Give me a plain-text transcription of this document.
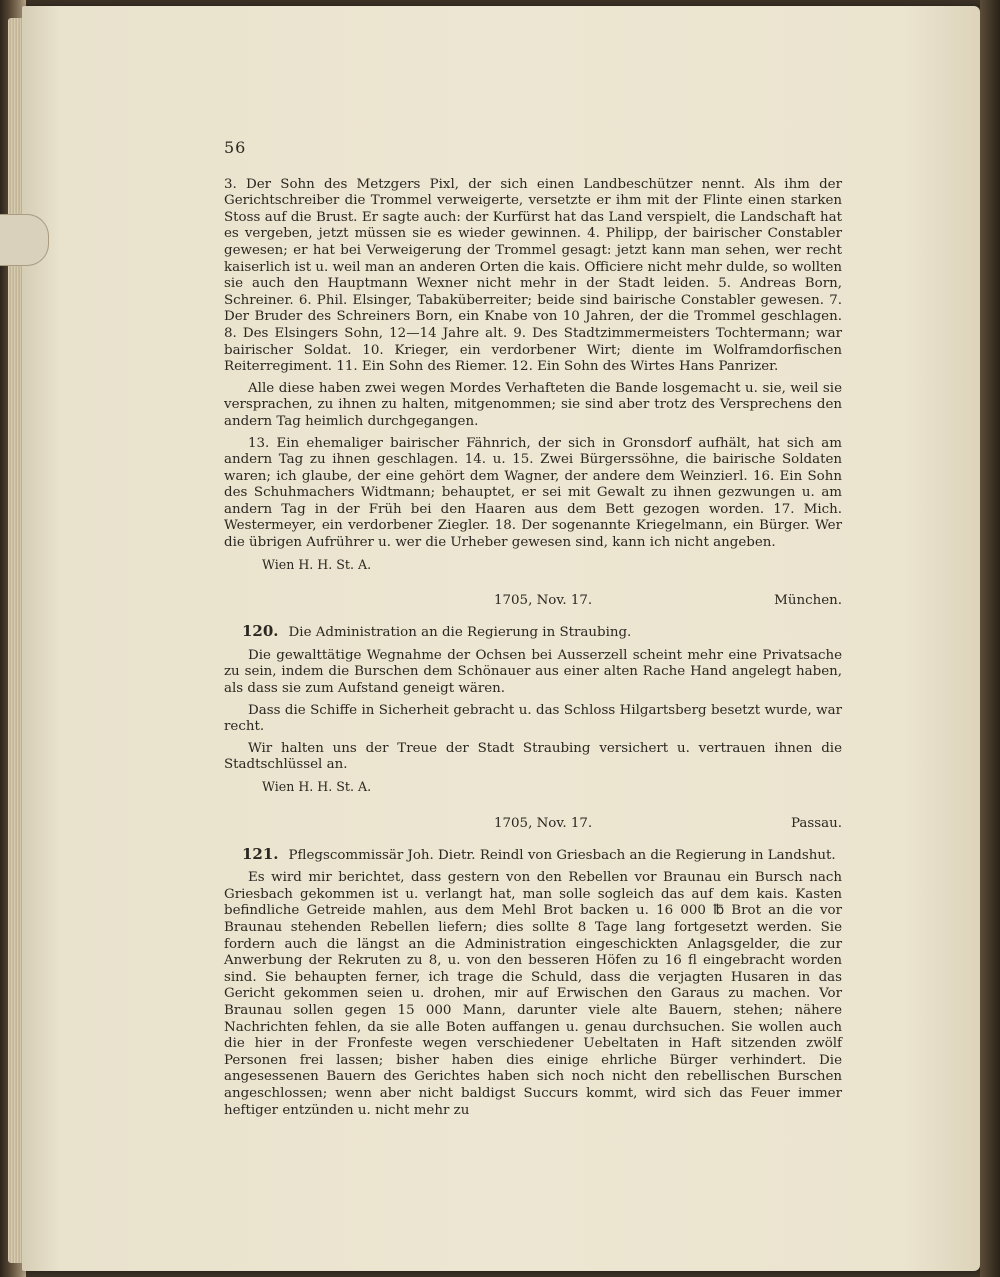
56

3. Der Sohn des Metzgers Pixl, der sich einen Landbeschützer nennt. Als ihm der Gerichtschreiber die Trommel verweigerte, versetzte er ihm mit der Flinte einen starken Stoss auf die Brust. Er sagte auch: der Kurfürst hat das Land verspielt, die Landschaft hat es vergeben, jetzt müssen sie es wieder gewinnen. 4. Philipp, der bairischer Constabler gewesen; er hat bei Verweigerung der Trommel gesagt: jetzt kann man sehen, wer recht kaiserlich ist u. weil man an anderen Orten die kais. Officiere nicht mehr dulde, so wollten sie auch den Hauptmann Wexner nicht mehr in der Stadt leiden. 5. Andreas Born, Schreiner. 6. Phil. Elsinger, Tabaküberreiter; beide sind bairische Constabler gewesen. 7. Der Bruder des Schreiners Born, ein Knabe von 10 Jahren, der die Trommel geschlagen. 8. Des Elsingers Sohn, 12—14 Jahre alt. 9. Des Stadtzimmermeisters Tochtermann; war bairischer Soldat. 10. Krieger, ein verdorbener Wirt; diente im Wolframdorfischen Reiterregiment. 11. Ein Sohn des Riemer. 12. Ein Sohn des Wirtes Hans Panrizer.

Alle diese haben zwei wegen Mordes Verhafteten die Bande losgemacht u. sie, weil sie versprachen, zu ihnen zu halten, mitgenommen; sie sind aber trotz des Versprechens den andern Tag heimlich durchgegangen.

13. Ein ehemaliger bairischer Fähnrich, der sich in Gronsdorf aufhält, hat sich am andern Tag zu ihnen geschlagen. 14. u. 15. Zwei Bürgerssöhne, die bairische Soldaten waren; ich glaube, der eine gehört dem Wagner, der andere dem Weinzierl. 16. Ein Sohn des Schuhmachers Widtmann; behauptet, er sei mit Gewalt zu ihnen gezwungen u. am andern Tag in der Früh bei den Haaren aus dem Bett gezogen worden. 17. Mich. Westermeyer, ein verdorbener Ziegler. 18. Der sogenannte Kriegelmann, ein Bürger. Wer die übrigen Aufrührer u. wer die Urheber gewesen sind, kann ich nicht angeben.

Wien H. H. St. A.

1705, Nov. 17.	München.
120. Die Administration an die Regierung in Straubing.

Die gewalttätige Wegnahme der Ochsen bei Ausserzell scheint mehr eine Privatsache zu sein, indem die Burschen dem Schönauer aus einer alten Rache Hand angelegt haben, als dass sie zum Aufstand geneigt wären.

Dass die Schiffe in Sicherheit gebracht u. das Schloss Hilgartsberg besetzt wurde, war recht.

Wir halten uns der Treue der Stadt Straubing versichert u. vertrauen ihnen die Stadtschlüssel an.

Wien H. H. St. A.

1705, Nov. 17.	Passau.
121. Pflegscommissär Joh. Dietr. Reindl von Griesbach an die Regierung in Landshut.

Es wird mir berichtet, dass gestern von den Rebellen vor Braunau ein Bursch nach Griesbach gekommen ist u. verlangt hat, man solle sogleich das auf dem kais. Kasten befindliche Getreide mahlen, aus dem Mehl Brot backen u. 16 000 ℔ Brot an die vor Braunau stehenden Rebellen liefern; dies sollte 8 Tage lang fortgesetzt werden. Sie fordern auch die längst an die Administration eingeschickten Anlagsgelder, die zur Anwerbung der Rekruten zu 8, u. von den besseren Höfen zu 16 fl eingebracht worden sind. Sie behaupten ferner, ich trage die Schuld, dass die verjagten Husaren in das Gericht gekommen seien u. drohen, mir auf Erwischen den Garaus zu machen. Vor Braunau sollen gegen 15 000 Mann, darunter viele alte Bauern, stehen; nähere Nachrichten fehlen, da sie alle Boten auffangen u. genau durchsuchen. Sie wollen auch die hier in der Fronfeste wegen verschiedener Uebeltaten in Haft sitzenden zwölf Personen frei lassen; bisher haben dies einige ehrliche Bürger verhindert. Die angesessenen Bauern des Gerichtes haben sich noch nicht den rebellischen Burschen angeschlossen; wenn aber nicht baldigst Succurs kommt, wird sich das Feuer immer heftiger entzünden u. nicht mehr zu
